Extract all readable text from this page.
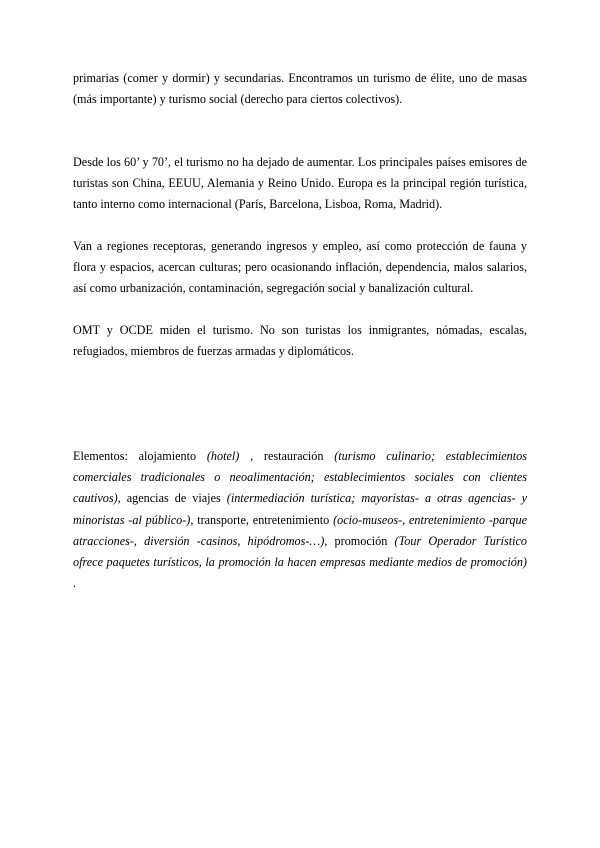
primarias (comer y dormir) y secundarias. Encontramos un turismo de élite, uno de masas (más importante) y turismo social (derecho para ciertos colectivos).

Desde los 60’ y 70’, el turismo no ha dejado de aumentar. Los principales países emisores de turistas son China, EEUU, Alemania y Reino Unido. Europa es la principal región turística, tanto interno como internacional (París, Barcelona, Lisboa, Roma, Madrid).

Van a regiones receptoras, generando ingresos y empleo, así como protección de fauna y flora y espacios, acercan culturas; pero ocasionando inflación, dependencia, malos salarios, así como urbanización, contaminación, segregación social y banalización cultural.

OMT y OCDE miden el turismo. No son turistas los inmigrantes, nómadas, escalas, refugiados, miembros de fuerzas armadas y diplomáticos.

Elementos: alojamiento (hotel) , restauración (turismo culinario; establecimientos comerciales tradicionales o neoalimentación; establecimientos sociales con clientes cautivos), agencias de viajes (intermediación turística; mayoristas- a otras agencias- y minoristas -al público-), transporte, entretenimiento (ocio-museos-, entretenimiento -parque atracciones-, diversión -casinos, hipódromos-…), promoción (Tour Operador Turístico ofrece paquetes turísticos, la promoción la hacen empresas mediante medios de promoción) .
